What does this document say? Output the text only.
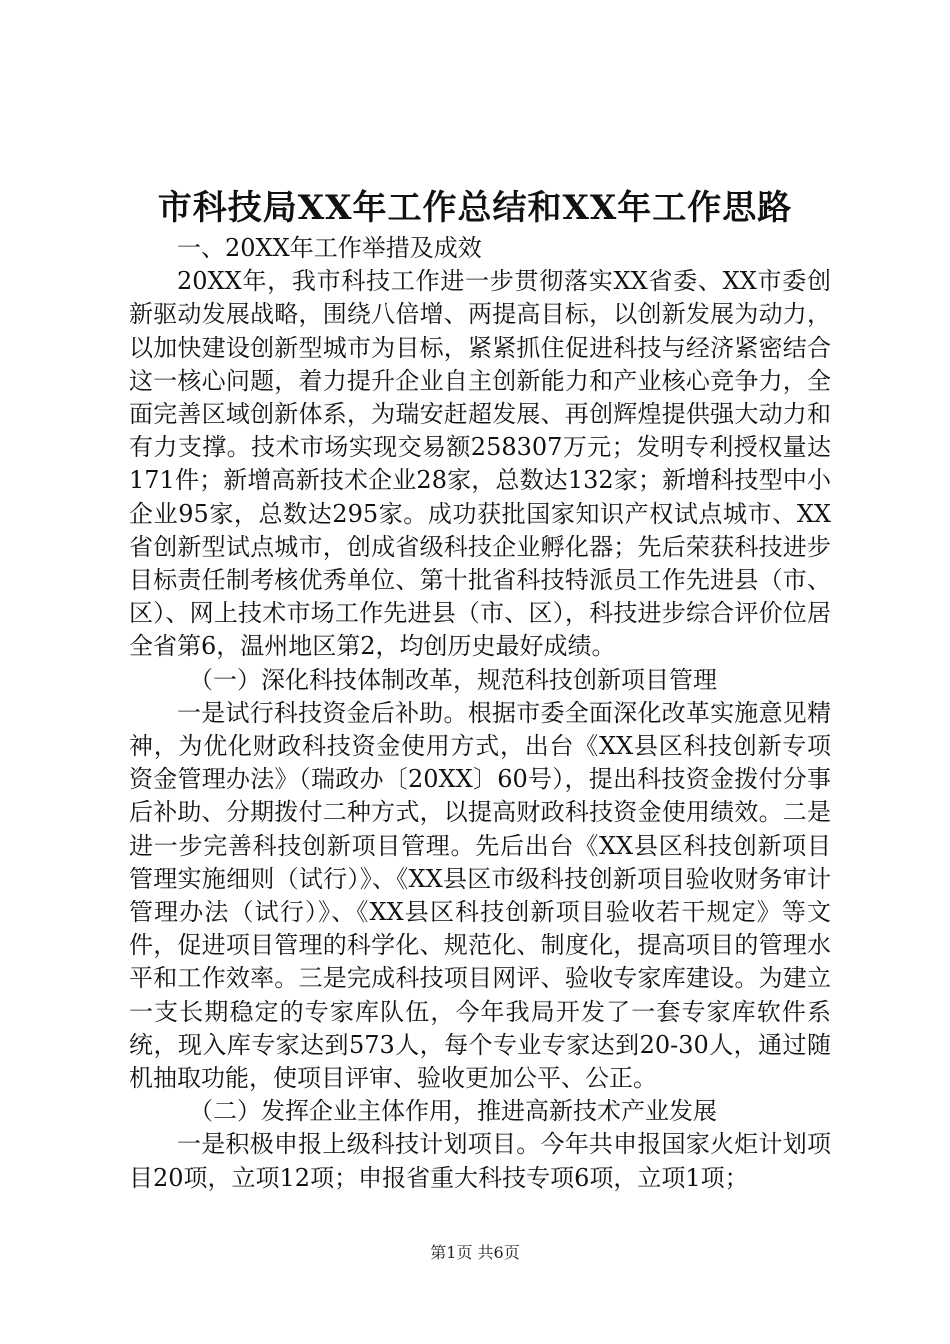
市科技局XX年工作总结和XX年工作思路

一、20XX年工作举措及成效

20XX年，我市科技工作进一步贯彻落实XX省委、XX市委创新驱动发展战略，围绕八倍增、两提高目标，以创新发展为动力，以加快建设创新型城市为目标，紧紧抓住促进科技与经济紧密结合这一核心问题，着力提升企业自主创新能力和产业核心竞争力，全面完善区域创新体系，为瑞安赶超发展、再创辉煌提供强大动力和有力支撑。技术市场实现交易额258307万元；发明专利授权量达171件；新增高新技术企业28家，总数达132家；新增科技型中小企业95家，总数达295家。成功获批国家知识产权试点城市、XX省创新型试点城市，创成省级科技企业孵化器；先后荣获科技进步目标责任制考核优秀单位、第十批省科技特派员工作先进县（市、区）、网上技术市场工作先进县（市、区），科技进步综合评价位居全省第6，温州地区第2，均创历史最好成绩。

（一）深化科技体制改革，规范科技创新项目管理

一是试行科技资金后补助。根据市委全面深化改革实施意见精神，为优化财政科技资金使用方式，出台《XX县区科技创新专项资金管理办法》（瑞政办〔20XX〕60号），提出科技资金拨付分事后补助、分期拨付二种方式，以提高财政科技资金使用绩效。二是进一步完善科技创新项目管理。先后出台《XX县区科技创新项目管理实施细则（试行）》、《XX县区市级科技创新项目验收财务审计管理办法（试行）》、《XX县区科技创新项目验收若干规定》等文件，促进项目管理的科学化、规范化、制度化，提高项目的管理水平和工作效率。三是完成科技项目网评、验收专家库建设。为建立一支长期稳定的专家库队伍，今年我局开发了一套专家库软件系统，现入库专家达到573人，每个专业专家达到20-30人，通过随机抽取功能，使项目评审、验收更加公平、公正。

（二）发挥企业主体作用，推进高新技术产业发展

一是积极申报上级科技计划项目。今年共申报国家火炬计划项目20项，立项12项；申报省重大科技专项6项，立项1项；

第1页 共6页
